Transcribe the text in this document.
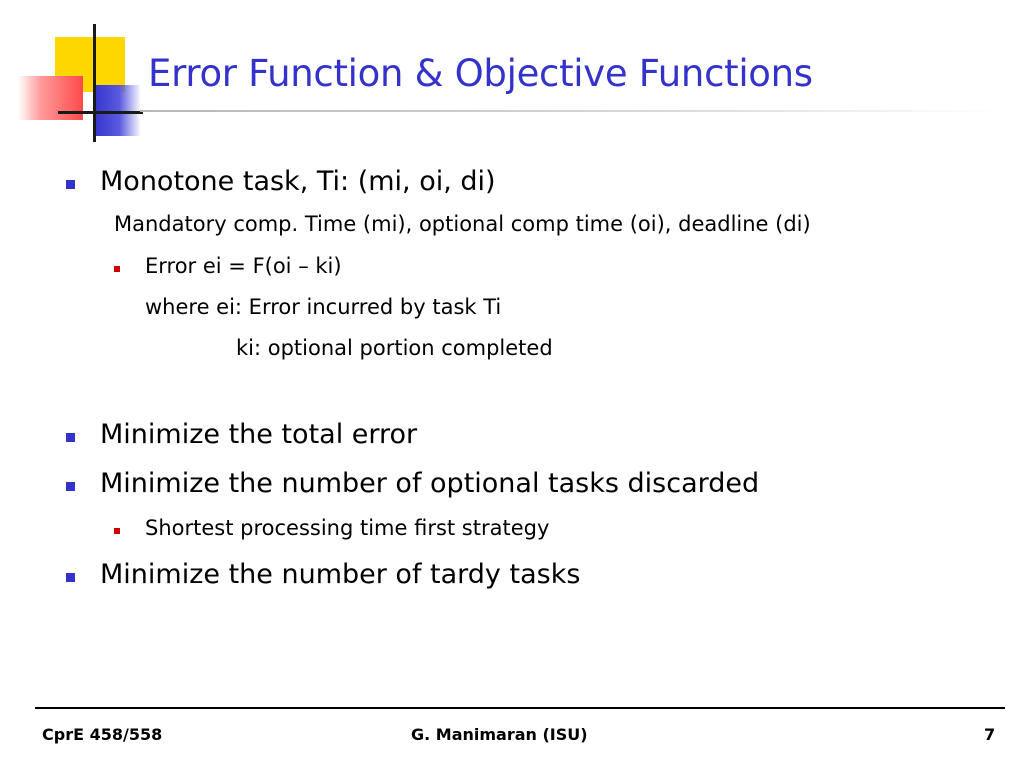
Error Function & Objective Functions
Monotone task, Ti: (mi, oi, di)
Mandatory comp. Time (mi), optional comp time (oi), deadline (di)
Error ei = F(oi – ki)
where ei: Error incurred by task Ti
ki: optional portion completed
Minimize the total error
Minimize the number of optional tasks discarded
Shortest processing time first strategy
Minimize the number of tardy tasks
CprE 458/558	G. Manimaran (ISU)	7
